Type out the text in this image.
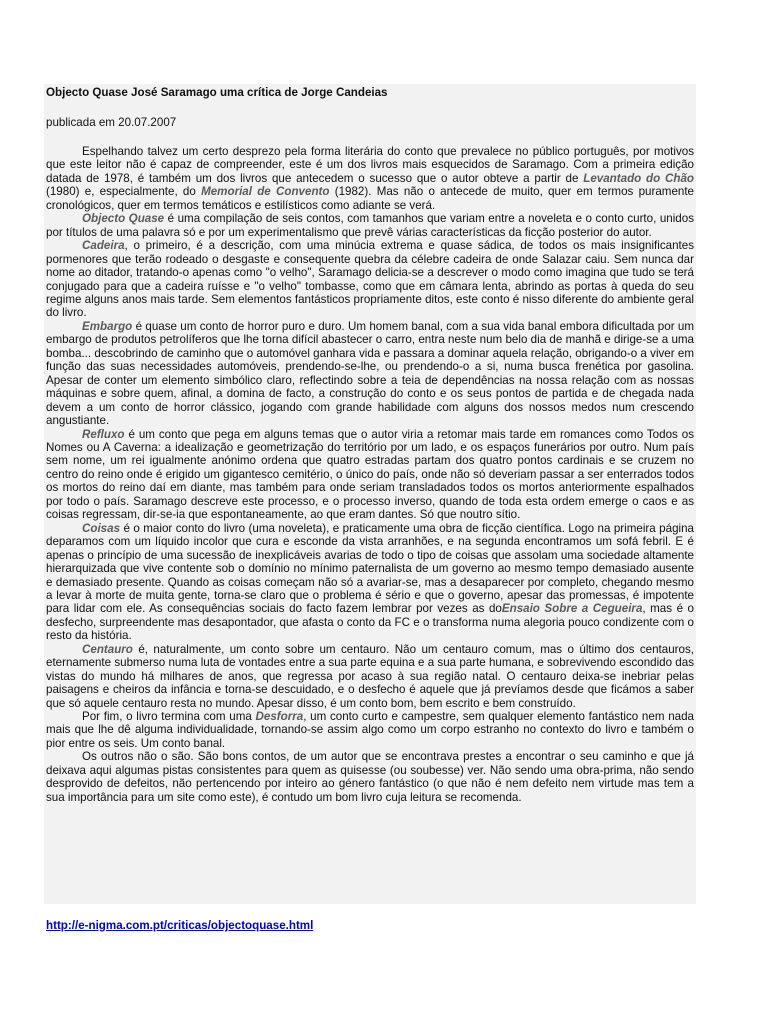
Objecto Quase José Saramago uma crítica de Jorge Candeias
publicada em 20.07.2007

Espelhando talvez um certo desprezo pela forma literária do conto que prevalece no público português, por motivos que este leitor não é capaz de compreender, este é um dos livros mais esquecidos de Saramago. Com a primeira edição datada de 1978, é também um dos livros que antecedem o sucesso que o autor obteve a partir de Levantado do Chão (1980) e, especialmente, do Memorial de Convento (1982). Mas não o antecede de muito, quer em termos puramente cronológicos, quer em termos temáticos e estilísticos como adiante se verá.

Objecto Quase é uma compilação de seis contos, com tamanhos que variam entre a noveleta e o conto curto, unidos por títulos de uma palavra só e por um experimentalismo que prevê várias características da ficção posterior do autor.

Cadeira, o primeiro, é a descrição, com uma minúcia extrema e quase sádica, de todos os mais insignificantes pormenores que terão rodeado o desgaste e consequente quebra da célebre cadeira de onde Salazar caiu. Sem nunca dar nome ao ditador, tratando-o apenas como "o velho", Saramago delicia-se a descrever o modo como imagina que tudo se terá conjugado para que a cadeira ruísse e "o velho" tombasse, como que em câmara lenta, abrindo as portas à queda do seu regime alguns anos mais tarde. Sem elementos fantásticos propriamente ditos, este conto é nisso diferente do ambiente geral do livro.

Embargo é quase um conto de horror puro e duro. Um homem banal, com a sua vida banal embora dificultada por um embargo de produtos petrolíferos que lhe torna difícil abastecer o carro, entra neste num belo dia de manhã e dirige-se a uma bomba... descobrindo de caminho que o automóvel ganhara vida e passara a dominar aquela relação, obrigando-o a viver em função das suas necessidades automóveis, prendendo-se-lhe, ou prendendo-o a si, numa busca frenética por gasolina. Apesar de conter um elemento simbólico claro, reflectindo sobre a teia de dependências na nossa relação com as nossas máquinas e sobre quem, afinal, a domina de facto, a construção do conto e os seus pontos de partida e de chegada nada devem a um conto de horror clássico, jogando com grande habilidade com alguns dos nossos medos num crescendo angustiante.

Refluxo é um conto que pega em alguns temas que o autor viria a retomar mais tarde em romances como Todos os Nomes ou A Caverna: a idealização e geometrização do território por um lado, e os espaços funerários por outro. Num país sem nome, um rei igualmente anónimo ordena que quatro estradas partam dos quatro pontos cardinais e se cruzem no centro do reino onde é erigido um gigantesco cemitério, o único do país, onde não só deveriam passar a ser enterrados todos os mortos do reino daí em diante, mas também para onde seriam transladados todos os mortos anteriormente espalhados por todo o país. Saramago descreve este processo, e o processo inverso, quando de toda esta ordem emerge o caos e as coisas regressam, dir-se-ia que espontaneamente, ao que eram dantes. Só que noutro sítio.

Coisas é o maior conto do livro (uma noveleta), e praticamente uma obra de ficção científica. Logo na primeira página deparamos com um líquido incolor que cura e esconde da vista arranhões, e na segunda encontramos um sofá febril. E é apenas o princípio de uma sucessão de inexplicáveis avarias de todo o tipo de coisas que assolam uma sociedade altamente hierarquizada que vive contente sob o domínio no mínimo paternalista de um governo ao mesmo tempo demasiado ausente e demasiado presente. Quando as coisas começam não só a avariar-se, mas a desaparecer por completo, chegando mesmo a levar à morte de muita gente, torna-se claro que o problema é sério e que o governo, apesar das promessas, é impotente para lidar com ele. As consequências sociais do facto fazem lembrar por vezes as doEnsaio Sobre a Cegueira, mas é o desfecho, surpreendente mas desapontador, que afasta o conto da FC e o transforma numa alegoria pouco condizente com o resto da história.

Centauro é, naturalmente, um conto sobre um centauro. Não um centauro comum, mas o último dos centauros, eternamente submerso numa luta de vontades entre a sua parte equina e a sua parte humana, e sobrevivendo escondido das vistas do mundo há milhares de anos, que regressa por acaso à sua região natal. O centauro deixa-se inebriar pelas paisagens e cheiros da infância e torna-se descuidado, e o desfecho é aquele que já prevíamos desde que ficámos a saber que só aquele centauro resta no mundo. Apesar disso, é um conto bom, bem escrito e bem construído.

Por fim, o livro termina com uma Desforra, um conto curto e campestre, sem qualquer elemento fantástico nem nada mais que lhe dê alguma individualidade, tornando-se assim algo como um corpo estranho no contexto do livro e também o pior entre os seis. Um conto banal.

Os outros não o são. São bons contos, de um autor que se encontrava prestes a encontrar o seu caminho e que já deixava aqui algumas pistas consistentes para quem as quisesse (ou soubesse) ver. Não sendo uma obra-prima, não sendo desprovido de defeitos, não pertencendo por inteiro ao género fantástico (o que não é nem defeito nem virtude mas tem a sua importância para um site como este), é contudo um bom livro cuja leitura se recomenda.

http://e-nigma.com.pt/criticas/objectoquase.html
